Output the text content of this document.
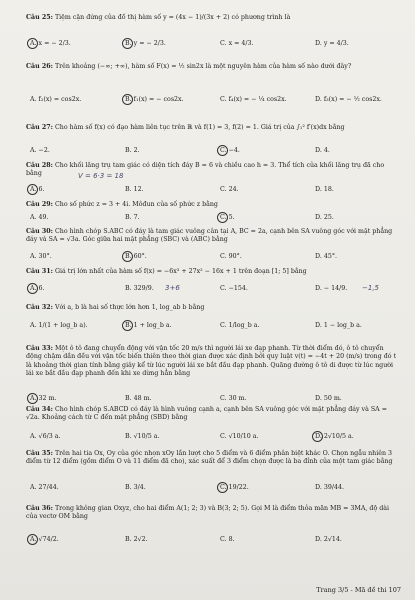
Câu 25: Tiệm cận đứng của đồ thị hàm số y = (4x − 1)/(3x + 2) có phương trình là
A. x = − 2/3.	B. y = − 2/3.	C. x = 4/3.	D. y = 4/3.
Câu 26: Trên khoảng (−∞; +∞), hàm số F(x) = ½ sin2x là một nguyên hàm của hàm số nào dưới đây?
A. f₂(x) = cos2x.	B. f₁(x) = − cos2x.	C. f₄(x) = − ¼ cos2x.	D. f₃(x) = − ½ cos2x.
Câu 27: Cho hàm số f(x) có đạo hàm liên tục trên ℝ và f(1) = 3, f(2) = 1. Giá trị của ∫₁² f′(x)dx bằng
A. −2.	B. 2.	C. −4.	D. 4.
Câu 28: Cho khối lăng trụ tam giác có diện tích đáy B = 6 và chiều cao h = 3. Thể tích của khối lăng trụ đã cho bằng	V = 6·3 = 18
A. 6.	B. 12.	C. 24.	D. 18.
Câu 29: Cho số phức z = 3 + 4i. Môđun của số phức z bằng
A. 49.	B. 7.	C. 5.	D. 25.
Câu 30: Cho hình chóp S.ABC có đáy là tam giác vuông cân tại A, BC = 2a, cạnh bên SA vuông góc với mặt phẳng đáy và SA = √3a. Góc giữa hai mặt phẳng (SBC) và (ABC) bằng
A. 30°.	B. 60°.	C. 90°.	D. 45°.
Câu 31: Giá trị lớn nhất của hàm số f(x) = −6x³ + 27x² − 16x + 1 trên đoạn [1; 5] bằng
A. 6.	B. 329/9. 3+6	C. −154.	D. − 14/9. −1,5
Câu 32: Với a, b là hai số thực lớn hơn 1, log_ab b bằng
A. 1/(1 + log_b a).	B. 1 + log_b a.	C. 1/log_b a.	D. 1 − log_b a.
Câu 33: Một ô tô đang chuyển động với vận tốc 20 m/s thì người lái xe đạp phanh. Từ thời điểm đó, ô tô chuyển động chậm dần đều với vận tốc biến thiên theo thời gian được xác định bởi quy luật v(t) = −4t + 20 (m/s) trong đó t là khoảng thời gian tính bằng giây kể từ lúc người lái xe bắt đầu đạp phanh. Quãng đường ô tô di được từ lúc người lái xe bắt đầu đạp phanh đến khi xe dừng hẳn bằng
A. 32 m.	B. 48 m.	C. 30 m.	D. 50 m.
Câu 34: Cho hình chóp S.ABCD có đáy là hình vuông cạnh a, cạnh bên SA vuông góc với mặt phẳng đáy và SA = √2a. Khoảng cách từ C đến mặt phẳng (SBD) bằng
A. √6/3 a.	B. √10/5 a.	C. √10/10 a.	D. 2√10/5 a.
Câu 35: Trên hai tia Ox, Oy của góc nhọn xOy lần lượt cho 5 điểm và 6 điểm phân biệt khác O. Chọn ngẫu nhiên 3 điểm từ 12 điểm (gồm điểm O và 11 điểm đã cho), xác suất để 3 điểm chọn được là ba đỉnh của một tam giác bằng
A. 27/44.	B. 3/4.	C. 19/22.	D. 39/44.
Câu 36: Trong không gian Oxyz, cho hai điểm A(1; 2; 3) và B(3; 2; 5). Gọi M là điểm thỏa mãn MB = 3MA, độ dài của vectơ OM bằng
A. √74/2.	B. 2√2.	C. 8.	D. 2√14.
Trang 3/5 - Mã đề thi 107
